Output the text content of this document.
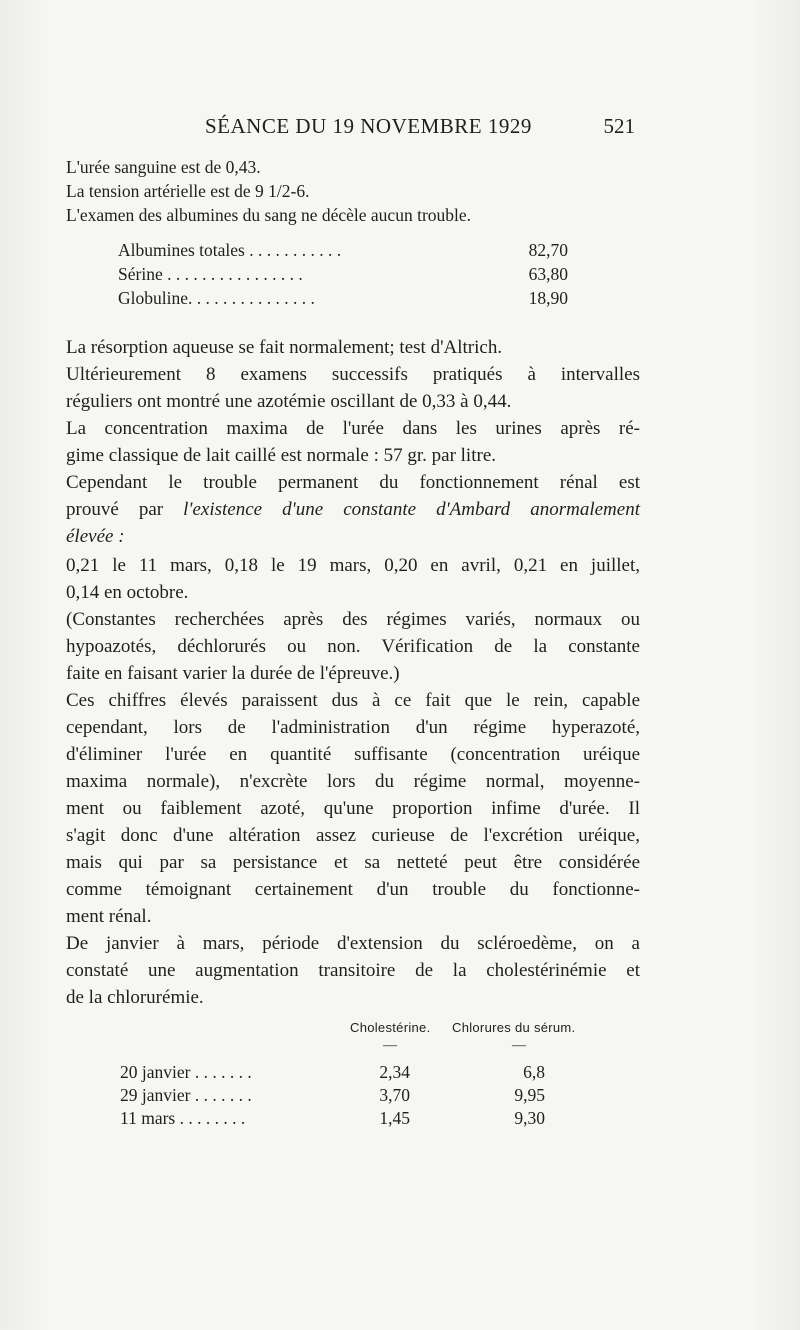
SÉANCE DU 19 NOVEMBRE 1929	521
L'urée sanguine est de 0,43.
La tension artérielle est de 9 1/2-6.
L'examen des albumines du sang ne décèle aucun trouble.
Albumines totales . . . . . . . . . . .	82,70
Sérine . . . . . . . . . . . . . . . .	63,80
Globuline. . . . . . . . . . . . . . .	18,90
La résorption aqueuse se fait normalement; test d'Altrich.
Ultérieurement 8 examens successifs pratiqués à intervalles
réguliers ont montré une azotémie oscillant de 0,33 à 0,44.
La concentration maxima de l'urée dans les urines après ré-
gime classique de lait caillé est normale : 57 gr. par litre.
Cependant le trouble permanent du fonctionnement rénal est
prouvé par l'existence d'une constante d'Ambard anormalement
élevée :
0,21 le 11 mars, 0,18 le 19 mars, 0,20 en avril, 0,21 en juillet,
0,14 en octobre.
(Constantes recherchées après des régimes variés, normaux ou
hypoazotés, déchlorurés ou non. Vérification de la constante
faite en faisant varier la durée de l'épreuve.)
Ces chiffres élevés paraissent dus à ce fait que le rein, capable
cependant, lors de l'administration d'un régime hyperazoté,
d'éliminer l'urée en quantité suffisante (concentration uréique
maxima normale), n'excrète lors du régime normal, moyenne-
ment ou faiblement azoté, qu'une proportion infime d'urée. Il
s'agit donc d'une altération assez curieuse de l'excrétion uréique,
mais qui par sa persistance et sa netteté peut être considérée
comme témoignant certainement d'un trouble du fonctionne-
ment rénal.
De janvier à mars, période d'extension du scléroedème, on a
constaté une augmentation transitoire de la cholestérinémie et
de la chlorurémie.
Cholestérine. Chlorures du sérum.
—	—
20 janvier . . . . . . .	2,34	6,8
29 janvier . . . . . . .	3,70	9,95
11 mars . . . . . . . .	1,45	9,30
